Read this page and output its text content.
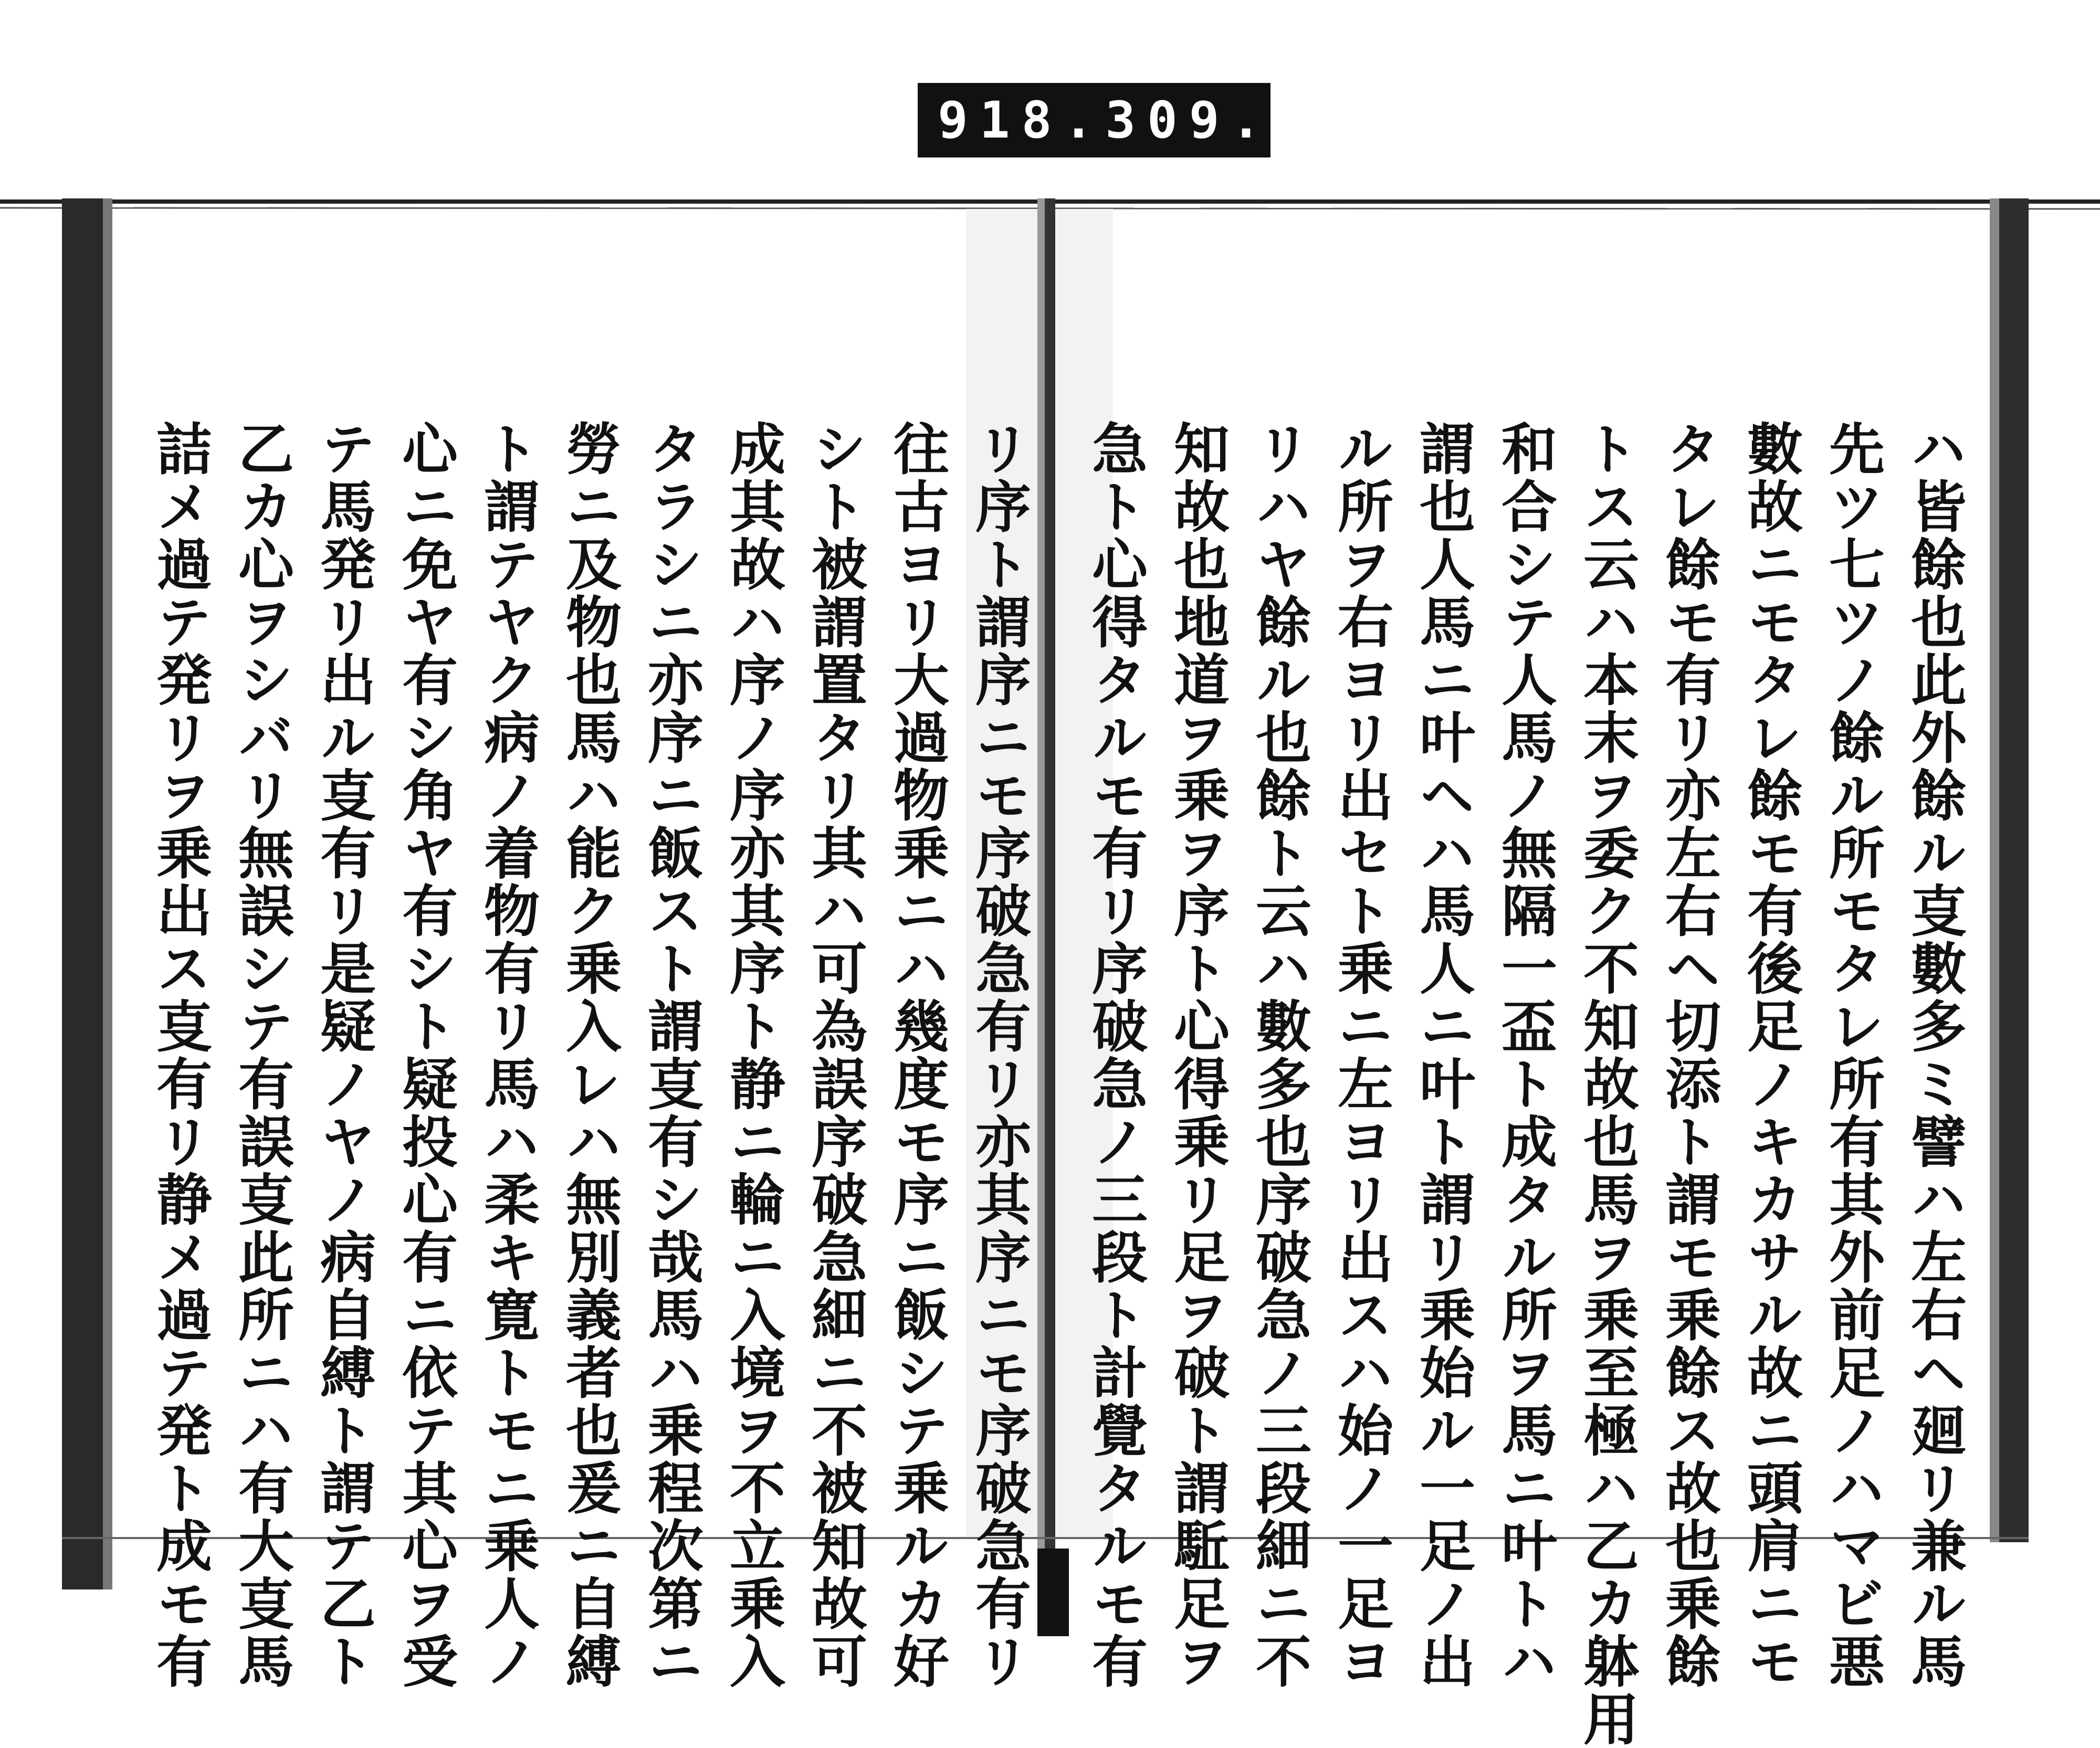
918. 309.
ハ皆餘也此外餘ル㕝數多ミ譬ハ左右ヘ廻リ兼ル馬
先ツ七ツノ餘ル所モタレ所有其外前足ノハマビ悪
數故ニモタレ餘モ有後足ノキカサル故ニ頭肩ニモ
タレ餘モ有リ亦左右ヘ切添ト謂モ乗餘ス故也乗餘
トス云ハ本末ヲ委ク不知故也馬ヲ乗至極ハ乙カ躰用
和合シテ人馬ノ無隔一盃ト成タル所ヲ馬ニ叶トハ
謂也人馬ニ叶ヘハ馬人ニ叶ト謂リ乗始ル一足ノ出
ル所ヲ右ヨリ出セト乗ニ左ヨリ出スハ始ノ一足ヨ
リハヤ餘ル也餘ト云ハ數多也序破急ノ三段細ニ不
知故也地道ヲ乗ヲ序ト心得乗リ足ヲ破ト謂駈足ヲ
急ト心得タルモ有リ序破急ノ三段ト計覺タルモ有
リ序ト謂序ニモ序破急有リ亦其序ニモ序破急有リ
往古ヨリ大過物乗ニハ幾度モ序ニ飯シテ乗ルカ好
シト被謂置タリ其ハ可為誤序破急細ニ不被知故可
成其故ハ序ノ序亦其序ト静ニ輪ニ入境ヲ不立乗入
タラシニ亦序ニ飯スト謂㕝有シ哉馬ハ乗程次第ニ
勞ニ及物也馬ハ能ク乗入レハ無別義者也爰ニ自縛
ト謂テヤク病ノ着物有リ馬ハ柔キ寛トモニ乗人ノ
心ニ免ヤ有シ角ヤ有シト疑投心有ニ依テ其心ヲ受
テ馬発リ出ル㕝有リ是疑ノヤノ病自縛ト謂テ乙ト
乙カ心ヲシバリ無誤シテ有誤㕝此所ニハ有大㕝馬
詰メ過テ発リヲ乗出ス㕝有リ静メ過テ発ト成モ有
